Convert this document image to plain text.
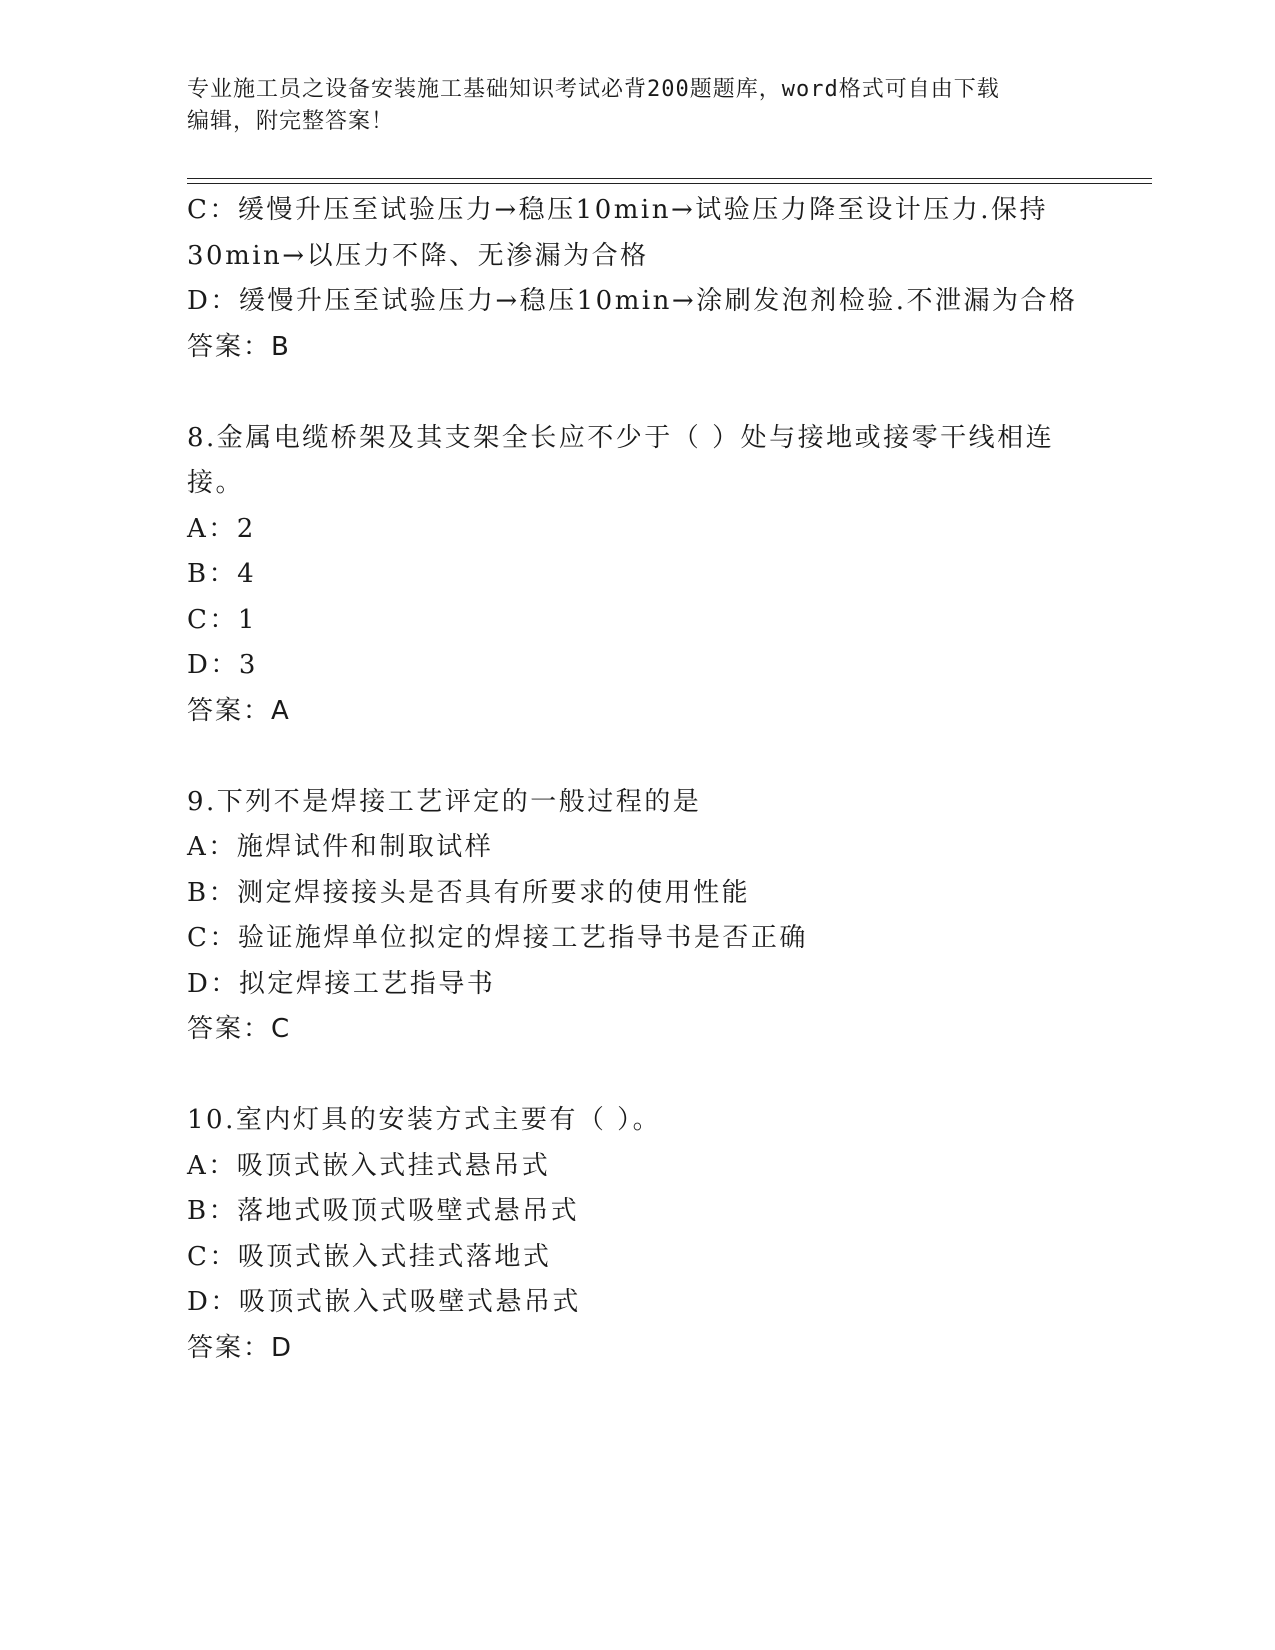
专业施工员之设备安装施工基础知识考试必背200题题库，word格式可自由下载
编辑，附完整答案！
C：缓慢升压至试验压力→稳压10min→试验压力降至设计压力.保持
30min→以压力不降、无渗漏为合格
D：缓慢升压至试验压力→稳压10min→涂刷发泡剂检验.不泄漏为合格
答案：B
8.金属电缆桥架及其支架全长应不少于（ ）处与接地或接零干线相连
接。
A：2
B：4
C：1
D：3
答案：A
9.下列不是焊接工艺评定的一般过程的是
A：施焊试件和制取试样
B：测定焊接接头是否具有所要求的使用性能
C：验证施焊单位拟定的焊接工艺指导书是否正确
D：拟定焊接工艺指导书
答案：C
10.室内灯具的安装方式主要有（ ）。
A：吸顶式嵌入式挂式悬吊式
B：落地式吸顶式吸壁式悬吊式
C：吸顶式嵌入式挂式落地式
D：吸顶式嵌入式吸壁式悬吊式
答案：D
